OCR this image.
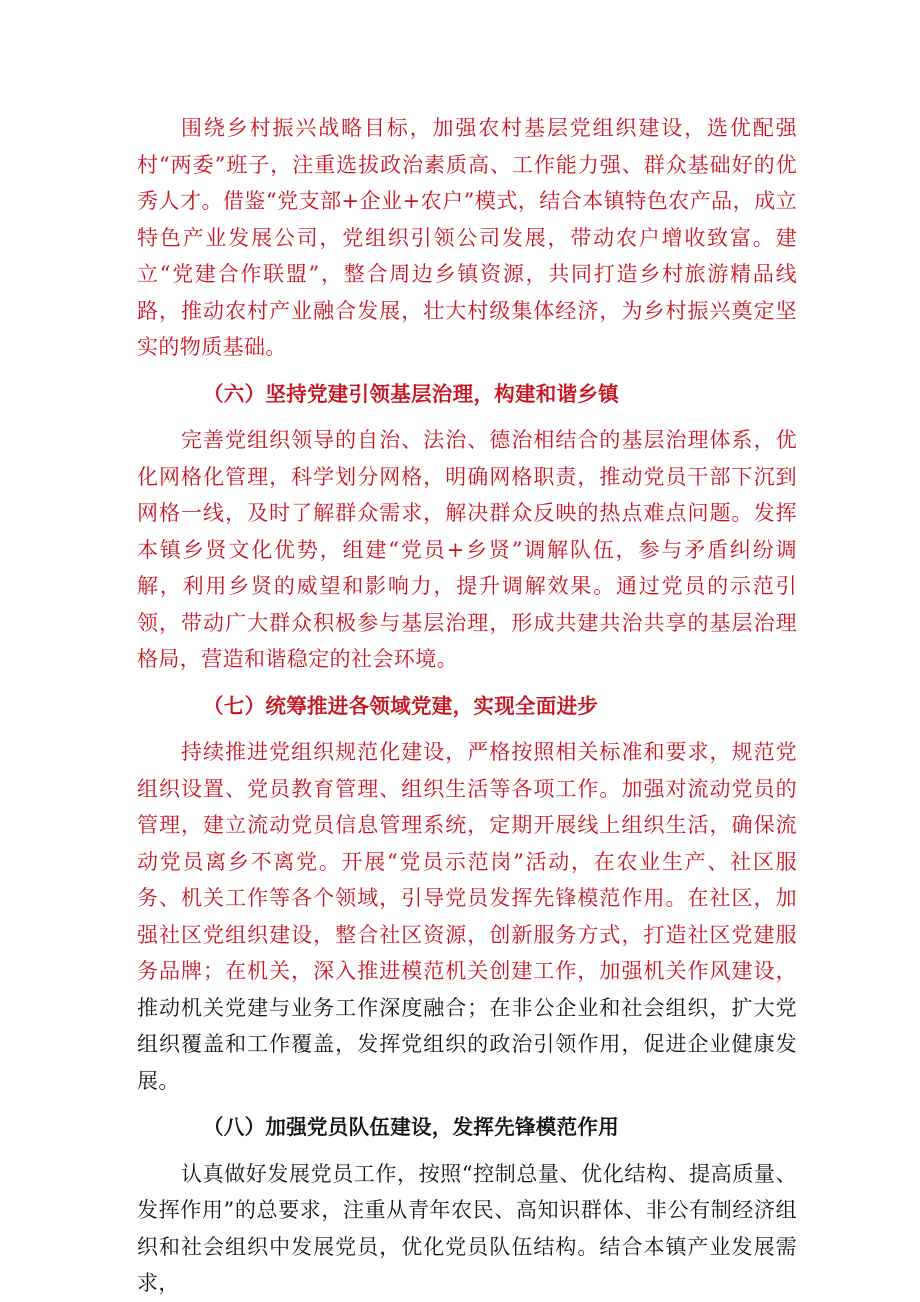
围绕乡村振兴战略目标，加强农村基层党组织建设，选优配强村“两委”班子，注重选拔政治素质高、工作能力强、群众基础好的优秀人才。借鉴“党支部+企业+农户”模式，结合本镇特色农产品，成立特色产业发展公司，党组织引领公司发展，带动农户增收致富。建立“党建合作联盟”，整合周边乡镇资源，共同打造乡村旅游精品线路，推动农村产业融合发展，壮大村级集体经济，为乡村振兴奠定坚实的物质基础。

（六）坚持党建引领基层治理，构建和谐乡镇

完善党组织领导的自治、法治、德治相结合的基层治理体系，优化网格化管理，科学划分网格，明确网格职责，推动党员干部下沉到网格一线，及时了解群众需求，解决群众反映的热点难点问题。发挥本镇乡贤文化优势，组建“党员+乡贤”调解队伍，参与矛盾纠纷调解，利用乡贤的威望和影响力，提升调解效果。通过党员的示范引领，带动广大群众积极参与基层治理，形成共建共治共享的基层治理格局，营造和谐稳定的社会环境。

（七）统筹推进各领域党建，实现全面进步

持续推进党组织规范化建设，严格按照相关标准和要求，规范党组织设置、党员教育管理、组织生活等各项工作。加强对流动党员的管理，建立流动党员信息管理系统，定期开展线上组织生活，确保流动党员离乡不离党。开展“党员示范岗”活动，在农业生产、社区服务、机关工作等各个领域，引导党员发挥先锋模范作用。在社区，加强社区党组织建设，整合社区资源，创新服务方式，打造社区党建服务品牌；在机关，深入推进模范机关创建工作，加强机关作风建设，推动机关党建与业务工作深度融合；在非公企业和社会组织，扩大党组织覆盖和工作覆盖，发挥党组织的政治引领作用，促进企业健康发展。

（八）加强党员队伍建设，发挥先锋模范作用

认真做好发展党员工作，按照“控制总量、优化结构、提高质量、发挥作用”的总要求，注重从青年农民、高知识群体、非公有制经济组织和社会组织中发展党员，优化党员队伍结构。结合本镇产业发展需求，
